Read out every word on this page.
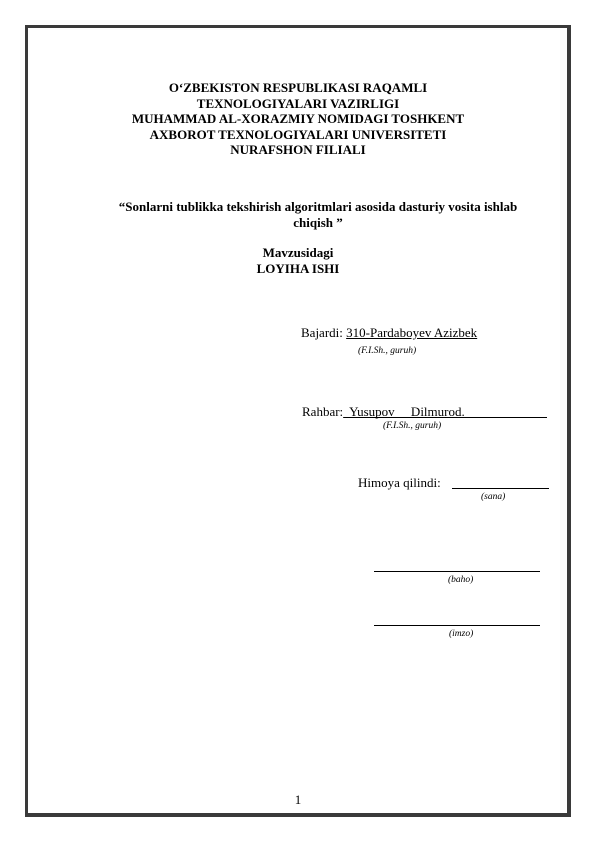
O‘ZBEKISTON RESPUBLIKASI RAQAMLI
TEXNOLOGIYALARI VAZIRLIGI
MUHAMMAD AL-XORAZMIY NOMIDAGI TOSHKENT
AXBOROT TEXNOLOGIYALARI UNIVERSITETI
NURAFSHON FILIALI
“Sonlarni tublikka tekshirish algoritmlari asosida dasturiy vosita ishlab
chiqish ”
Mavzusidagi
LOYIHA ISHI
Bajardi: 310-Pardaboyev Azizbek
(F.I.Sh., guruh)
Rahbar:  Yusupov     Dilmurod.
(F.I.Sh., guruh)
Himoya qilindi:
(sana)
(baho)
(imzo)
1
